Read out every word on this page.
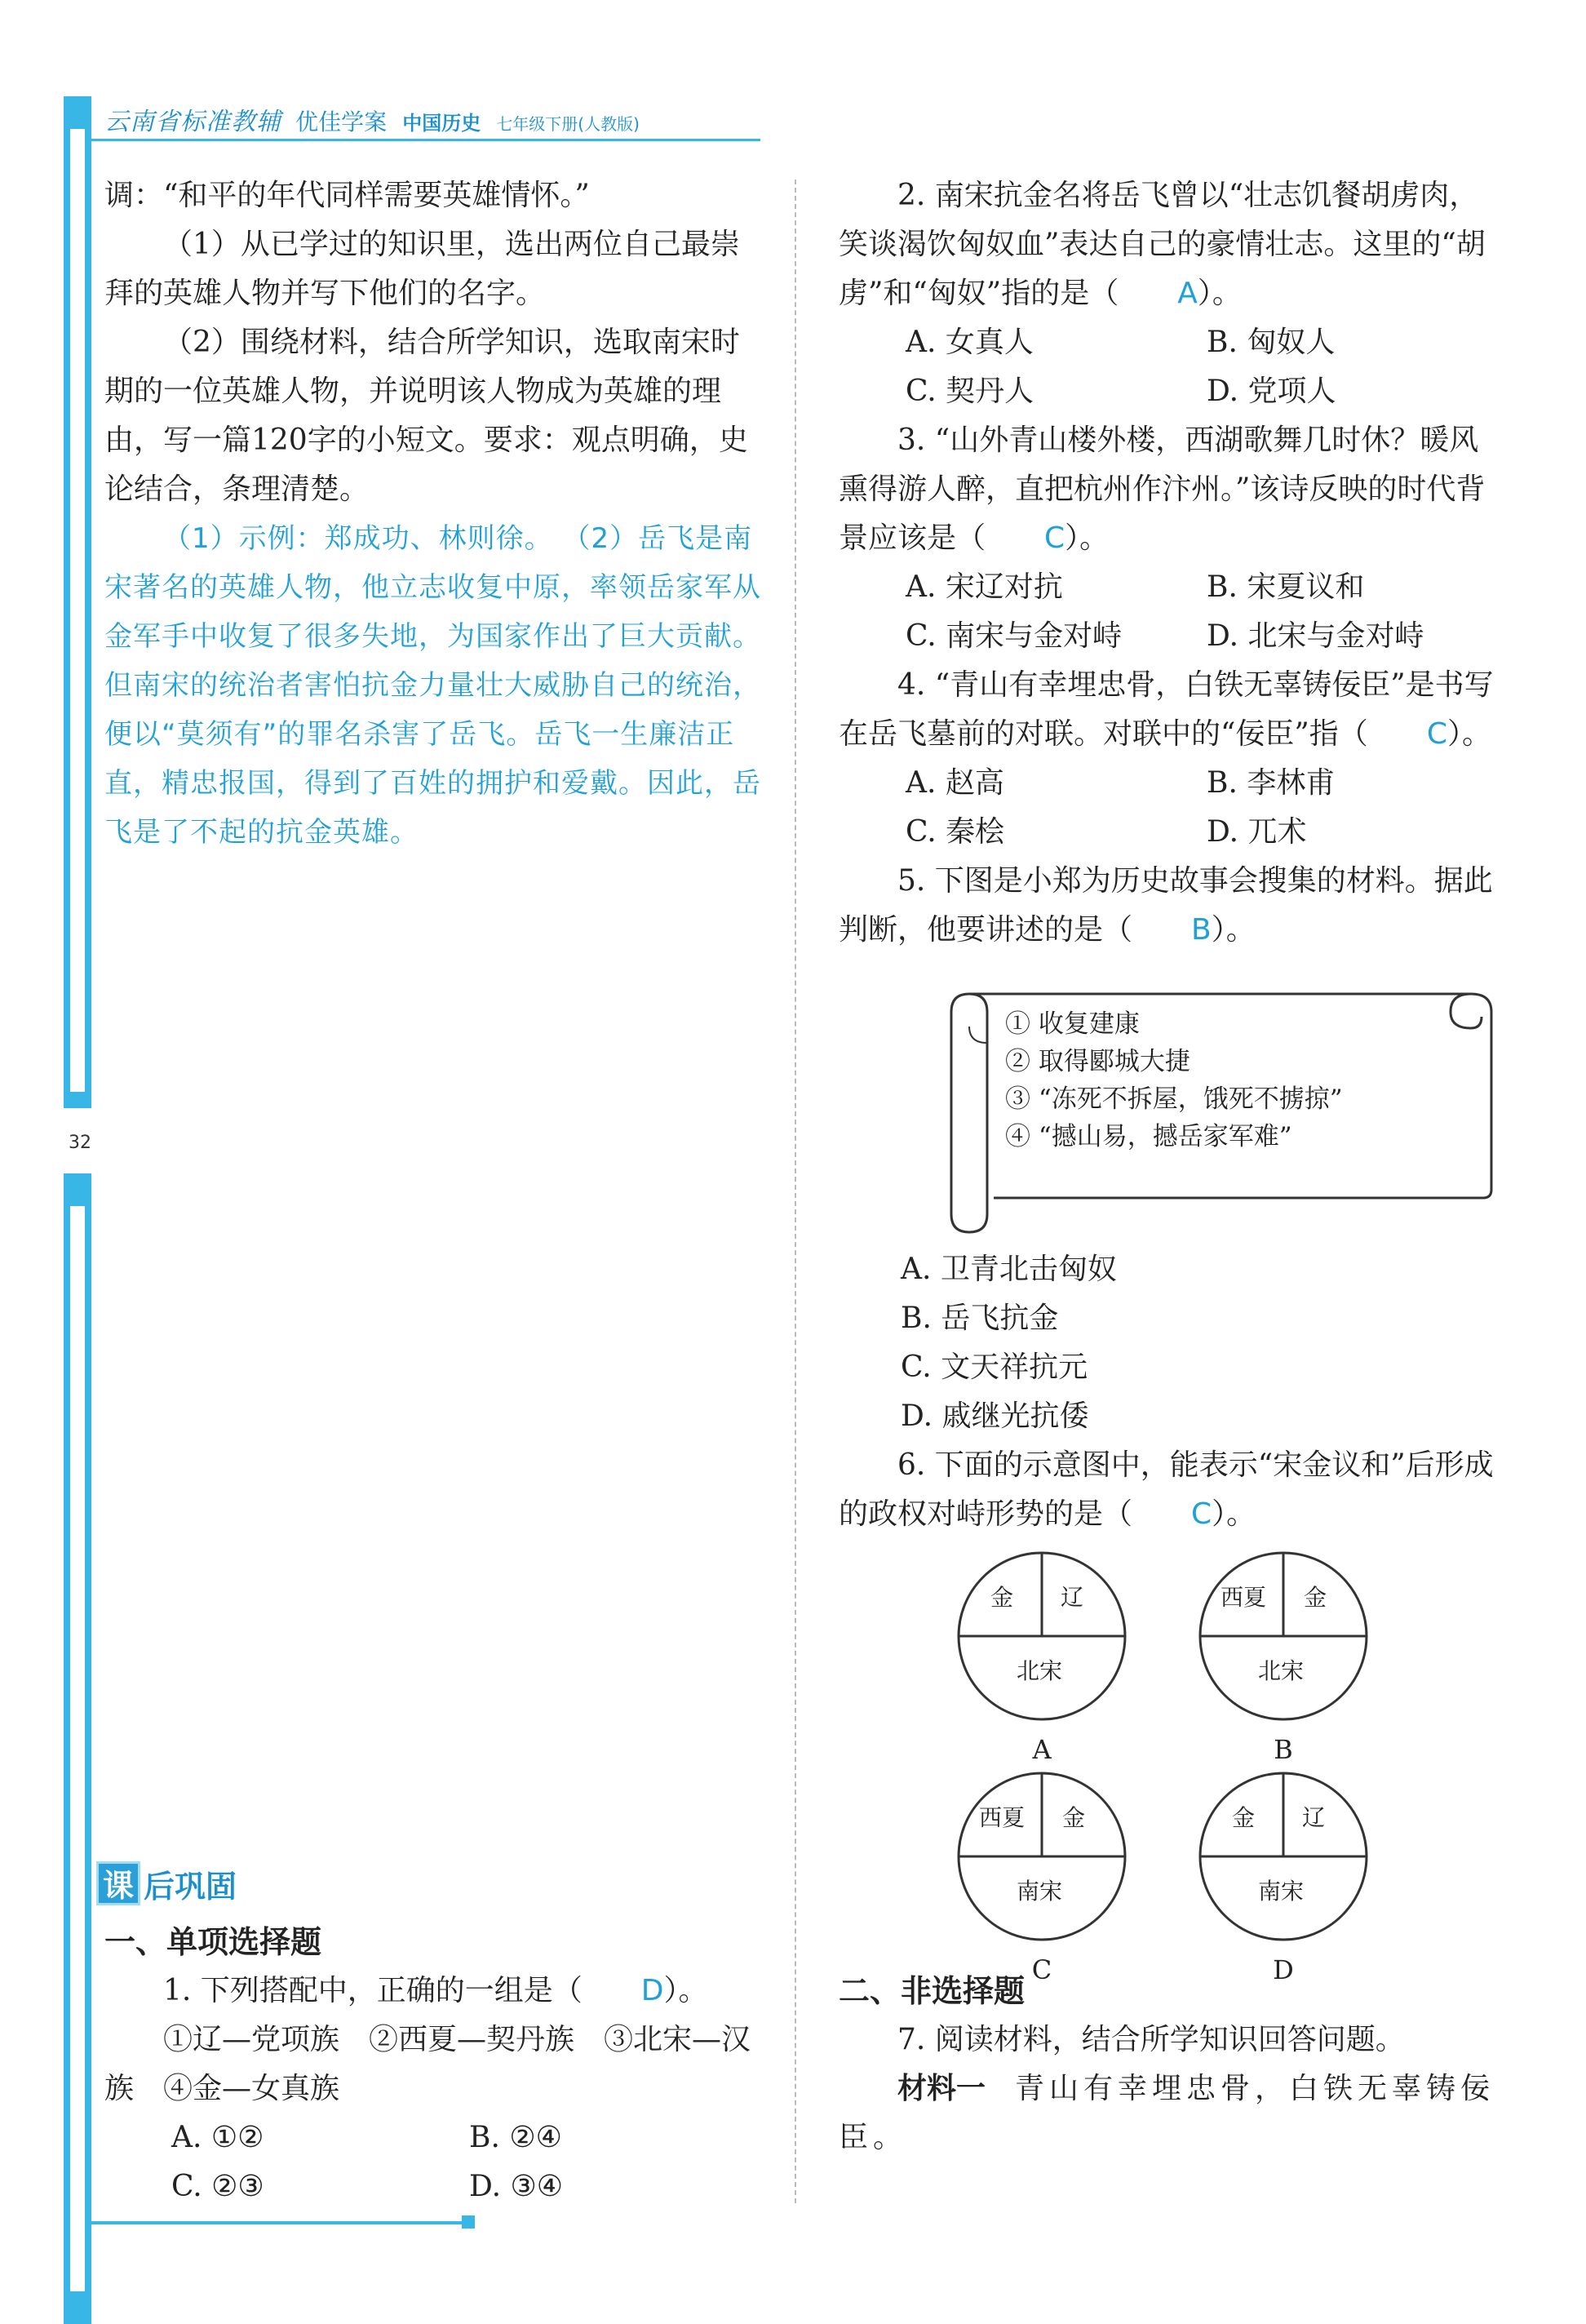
32
云南省标准教辅 优佳学案 中国历史 七年级下册(人教版)

调：“和平的年代同样需要英雄情怀。”

（1）从已学过的知识里，选出两位自己最崇拜的英雄人物并写下他们的名字。

（2）围绕材料，结合所学知识，选取南宋时期的一位英雄人物，并说明该人物成为英雄的理由，写一篇120字的小短文。要求：观点明确，史论结合，条理清楚。

（1）示例：郑成功、林则徐。 （2）岳飞是南宋著名的英雄人物，他立志收复中原，率领岳家军从金军手中收复了很多失地，为国家作出了巨大贡献。但南宋的统治者害怕抗金力量壮大威胁自己的统治，便以“莫须有”的罪名杀害了岳飞。岳飞一生廉洁正直，精忠报国，得到了百姓的拥护和爱戴。因此，岳飞是了不起的抗金英雄。

课 后巩固

一、单项选择题

1. 下列搭配中，正确的一组是（ D）。

①辽—党项族　②西夏—契丹族　③北宋—汉族　④金—女真族

A. ①②	B. ②④
C. ②③	D. ③④

2. 南宋抗金名将岳飞曾以“壮志饥餐胡虏肉，笑谈渴饮匈奴血”表达自己的豪情壮志。这里的“胡虏”和“匈奴”指的是（ A）。

A. 女真人	B. 匈奴人
C. 契丹人	D. 党项人

3. “山外青山楼外楼，西湖歌舞几时休？暖风熏得游人醉，直把杭州作汴州。”该诗反映的时代背景应该是（ C）。

A. 宋辽对抗	B. 宋夏议和
C. 南宋与金对峙	D. 北宋与金对峙

4. “青山有幸埋忠骨，白铁无辜铸佞臣”是书写在岳飞墓前的对联。对联中的“佞臣”指（ C）。

A. 赵高	B. 李林甫
C. 秦桧	D. 兀术

5. 下图是小郑为历史故事会搜集的材料。据此判断，他要讲述的是（ B）。

① 收复建康
② 取得郾城大捷
③ “冻死不拆屋，饿死不掳掠”
④ “撼山易，撼岳家军难”
A. 卫青北击匈奴
B. 岳飞抗金
C. 文天祥抗元
D. 戚继光抗倭

6. 下面的示意图中，能表示“宋金议和”后形成的政权对峙形势的是（ C）。

金 辽
北宋
A
西夏 金
北宋
B
西夏 金
南宋
C
金 辽
南宋
D

二、非选择题

7. 阅读材料，结合所学知识回答问题。

材料一　 青山有幸埋忠骨，白铁无辜铸佞臣。
